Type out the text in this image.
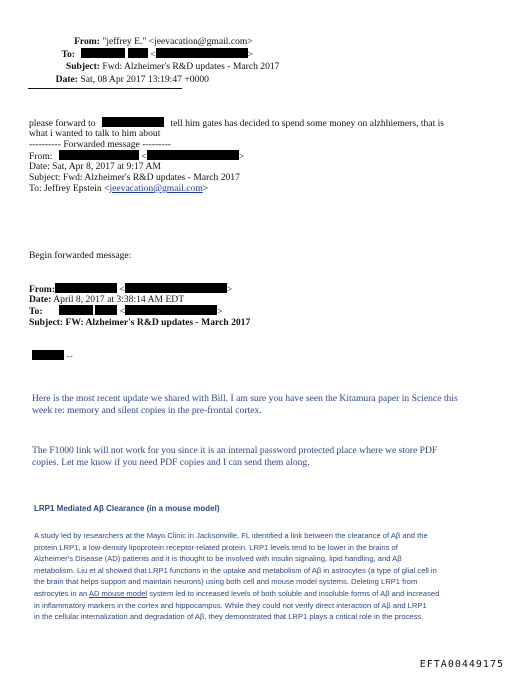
From: "jeffrey E." <jeevacation@gmail.com>
To:	<	>
Subject: Fwd: Alzheimer's R&D updates - March 2017
Date: Sat, 08 Apr 2017 13:19:47 +0000
please forward to	tell him gates has decided to spend some money on alzhhiemers, that is
what i wanted to talk to him about
---------- Forwarded message ---------
From:	<	>
Date: Sat, Apr 8, 2017 at 9:17 AM
Subject: Fwd: Alzheimer's R&D updates - March 2017
To: Jeffrey Epstein <jeevacation@gmail.com>
Begin forwarded message:
From:	<	>
Date: April 8, 2017 at 3:38:14 AM EDT
To:	<	>
Subject: FW: Alzheimer's R&D updates - March 2017
--
Here is the most recent update we shared with Bill. I am sure you have seen the Kitamura paper in Science this
week re: memory and silent copies in the pre-frontal cortex.
The F1000 link will not work for you since it is an internal password protected place where we store PDF
copies. Let me know if you need PDF copies and I can send them along.
LRP1 Mediated Aβ Clearance (in a mouse model)
A study led by researchers at the Mayo Clinic in Jacksonville, FL identified a link between the clearance of Aβ and the
protein LRP1, a low-density lipoprotein receptor-related protein. LRP1 levels tend to be lower in the brains of
Alzheimer's Disease (AD) patients and it is thought to be involved with insulin signaling, lipid handling, and Aβ
metabolism. Liu et al showed that LRP1 functions in the uptake and metabolism of Aβ in astrocytes (a type of glial cell in
the brain that helps support and maintain neurons) using both cell and mouse model systems. Deleting LRP1 from
astrocytes in an AD mouse model system led to increased levels of both soluble and insoluble forms of Aβ and increased
in inflammatory markers in the cortex and hippocampus. While they could not verify direct interaction of Aβ and LRP1
in the cellular internalization and degradation of Aβ, they demonstrated that LRP1 plays a critical role in the process.
EFTA00449175
